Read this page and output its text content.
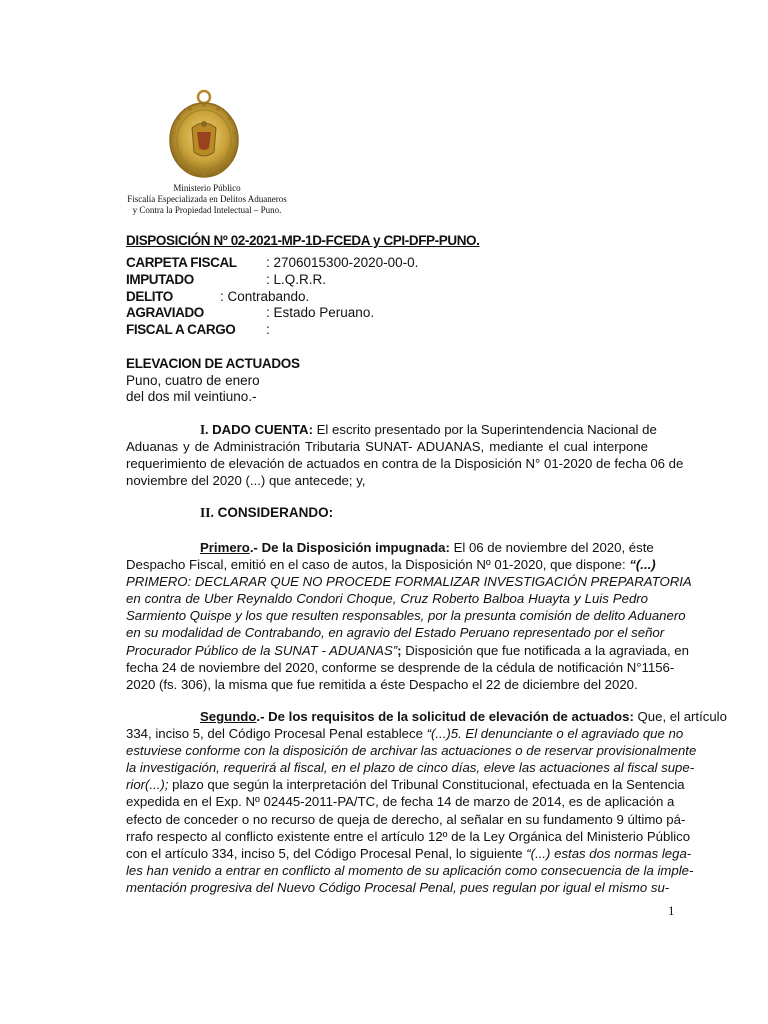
Ministerio Público
Fiscalía Especializada en Delitos Aduaneros
y Contra la Propiedad Intelectual – Puno.
DISPOSICIÓN Nº 02-2021-MP-1D-FCEDA y CPI-DFP-PUNO.
CARPETA FISCAL : 2706015300-2020-00-0.
IMPUTADO	: L.Q.R.R.
DELITO	: Contrabando.
AGRAVIADO	: Estado Peruano.
FISCAL A CARGO :
ELEVACION DE ACTUADOS
Puno, cuatro de enero
del dos mil veintiuno.-
I. DADO CUENTA: El escrito presentado por la Superintendencia Nacional de
Aduanas y de Administración Tributaria SUNAT- ADUANAS, mediante el cual interpone
requerimiento de elevación de actuados en contra de la Disposición N° 01-2020 de fecha 06 de
noviembre del 2020 (...) que antecede; y,
II. CONSIDERANDO:
Primero.- De la Disposición impugnada: El 06 de noviembre del 2020, éste
Despacho Fiscal, emitió en el caso de autos, la Disposición Nº 01-2020, que dispone: “(...)
PRIMERO: DECLARAR QUE NO PROCEDE FORMALIZAR INVESTIGACIÓN PREPARATORIA
en contra de Uber Reynaldo Condori Choque, Cruz Roberto Balboa Huayta y Luis Pedro
Sarmiento Quispe y los que resulten responsables, por la presunta comisión de delito Aduanero
en su modalidad de Contrabando, en agravio del Estado Peruano representado por el señor
Procurador Público de la SUNAT - ADUANAS”; Disposición que fue notificada a la agraviada, en
fecha 24 de noviembre del 2020, conforme se desprende de la cédula de notificación N°1156-
2020 (fs. 306), la misma que fue remitida a éste Despacho el 22 de diciembre del 2020.
Segundo.- De los requisitos de la solicitud de elevación de actuados: Que, el artículo
334, inciso 5, del Código Procesal Penal establece “(...)5. El denunciante o el agraviado que no
estuviese conforme con la disposición de archivar las actuaciones o de reservar provisionalmente
la investigación, requerirá al fiscal, en el plazo de cinco días, eleve las actuaciones al fiscal supe-
rior(...); plazo que según la interpretación del Tribunal Constitucional, efectuada en la Sentencia
expedida en el Exp. Nº 02445-2011-PA/TC, de fecha 14 de marzo de 2014, es de aplicación a
efecto de conceder o no recurso de queja de derecho, al señalar en su fundamento 9 último pá-
rrafo respecto al conflicto existente entre el artículo 12º de la Ley Orgánica del Ministerio Público
con el artículo 334, inciso 5, del Código Procesal Penal, lo siguiente “(...) estas dos normas lega-
les han venido a entrar en conflicto al momento de su aplicación como consecuencia de la imple-
mentación progresiva del Nuevo Código Procesal Penal, pues regulan por igual el mismo su-
1
